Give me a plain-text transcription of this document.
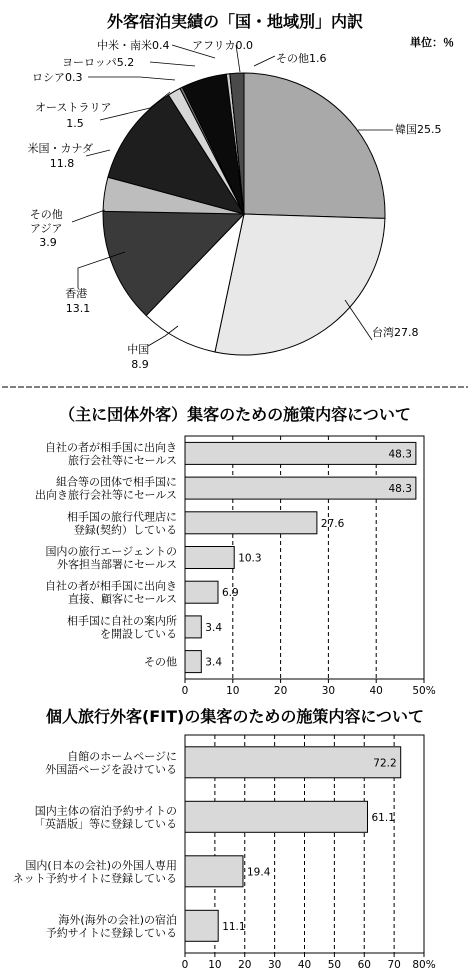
外客宿泊実績の「国・地域別」内訳
単位：％
韓国25.5
台湾27.8
中国 8.9
香港 13.1
その他 アジア 3.9
米国・カナダ 11.8
オーストラリア 1.5
ロシア0.3
ヨーロッパ5.2
中米・南米0.4 アフリカ0.0
その他1.6
（主に団体外客）集客のための施策内容について
48.3
自社の者が相手国に出向き
旅行会社等にセールス
48.3
組合等の団体で相手国に
出向き旅行会社等にセールス
27.6
相手国の旅行代理店に
登録(契約）している
10.3
国内の旅行エージェントの
外客担当部署にセールス
6.9
自社の者が相手国に出向き
直接、顧客にセールス
3.4
相手国に自社の案内所
を開設している
3.4
その他
0	10	20	30	40	50%
個人旅行外客(FIT)の集客のための施策内容について
72.2
自館のホームページに
外国語ページを設けている
61.1
国内主体の宿泊予約サイトの
「英語版」等に登録している
19.4
国内(日本の会社)の外国人専用
ネット予約サイトに登録している
11.1
海外(海外の会社)の宿泊
予約サイトに登録している
0 10 20 30 40 50 60 70 80%
